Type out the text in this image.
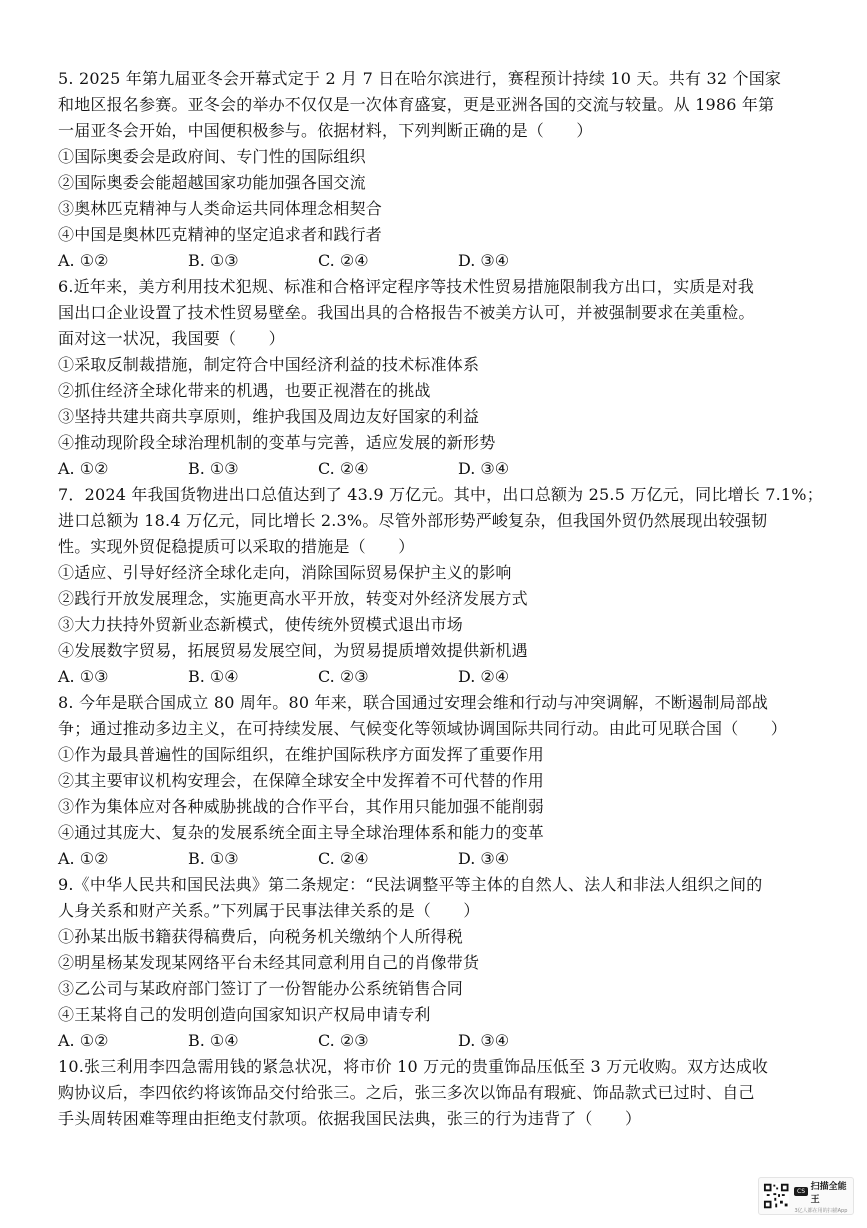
5. 2025 年第九届亚冬会开幕式定于 2 月 7 日在哈尔滨进行，赛程预计持续 10 天。共有 32 个国家
和地区报名参赛。亚冬会的举办不仅仅是一次体育盛宴，更是亚洲各国的交流与较量。从 1986 年第
一届亚冬会开始，中国便积极参与。依据材料，下列判断正确的是（　　）
①国际奥委会是政府间、专门性的国际组织
②国际奥委会能超越国家功能加强各国交流
③奥林匹克精神与人类命运共同体理念相契合
④中国是奥林匹克精神的坚定追求者和践行者
A. ①②	B. ①③	C. ②④	D. ③④
6.近年来，美方利用技术犯规、标准和合格评定程序等技术性贸易措施限制我方出口，实质是对我
国出口企业设置了技术性贸易壁垒。我国出具的合格报告不被美方认可，并被强制要求在美重检。
面对这一状况，我国要（　　）
①采取反制裁措施，制定符合中国经济利益的技术标准体系
②抓住经济全球化带来的机遇，也要正视潜在的挑战
③坚持共建共商共享原则，维护我国及周边友好国家的利益
④推动现阶段全球治理机制的变革与完善，适应发展的新形势
A. ①②	B. ①③	C. ②④	D. ③④
7．2024 年我国货物进出口总值达到了 43.9 万亿元。其中，出口总额为 25.5 万亿元，同比增长 7.1%；
进口总额为 18.4 万亿元，同比增长 2.3%。尽管外部形势严峻复杂，但我国外贸仍然展现出较强韧
性。实现外贸促稳提质可以采取的措施是（　　）
①适应、引导好经济全球化走向，消除国际贸易保护主义的影响
②践行开放发展理念，实施更高水平开放，转变对外经济发展方式
③大力扶持外贸新业态新模式，使传统外贸模式退出市场
④发展数字贸易，拓展贸易发展空间，为贸易提质增效提供新机遇
A. ①③	B. ①④	C. ②③	D. ②④
8. 今年是联合国成立 80 周年。80 年来，联合国通过安理会维和行动与冲突调解，不断遏制局部战
争；通过推动多边主义，在可持续发展、气候变化等领域协调国际共同行动。由此可见联合国（　　）
①作为最具普遍性的国际组织，在维护国际秩序方面发挥了重要作用
②其主要审议机构安理会，在保障全球安全中发挥着不可代替的作用
③作为集体应对各种威胁挑战的合作平台，其作用只能加强不能削弱
④通过其庞大、复杂的发展系统全面主导全球治理体系和能力的变革
A. ①②	B. ①③	C. ②④	D. ③④
9.《中华人民共和国民法典》第二条规定：“民法调整平等主体的自然人、法人和非法人组织之间的
人身关系和财产关系。”下列属于民事法律关系的是（　　）
①孙某出版书籍获得稿费后，向税务机关缴纳个人所得税
②明星杨某发现某网络平台未经其同意利用自己的肖像带货
③乙公司与某政府部门签订了一份智能办公系统销售合同
④王某将自己的发明创造向国家知识产权局申请专利
A. ①②	B. ①④	C. ②③	D. ③④
10.张三利用李四急需用钱的紧急状况，将市价 10 万元的贵重饰品压低至 3 万元收购。双方达成收
购协议后，李四依约将该饰品交付给张三。之后，张三多次以饰品有瑕疵、饰品款式已过时、自己
手头周转困难等理由拒绝支付款项。依据我国民法典，张三的行为违背了（　　）
CS 扫描全能王
3亿人都在用的扫描App
